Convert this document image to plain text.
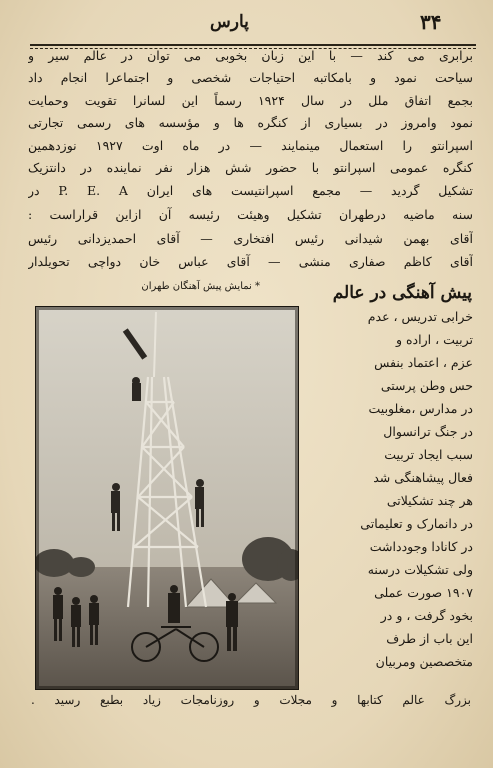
۳۴
پارس
برابری می کند — با این زبان بخوبی می توان در عالم سیر و
سیاحت نمود و بامکاتبه احتیاجات شخصی و اجتماعرا انجام داد
بجمع اتفاق ملل در سال ۱۹۲۴ رسماً این لسانرا تقویت وحمایت
نمود وامروز در بسیاری از کنگره ها و مؤسسه های رسمی تجارتی
اسپرانتو را استعمال مینمایند — در ماه اوت ۱۹۲۷ نوزدهمین
کنگره عمومی اسپرانتو با حضور شش هزار نفر نماینده در دانتزیک
تشکیل گردید — مجمع اسپرانتیست های ایران P. E. A در
سنه ماضیه درطهران تشکیل وهیئت رئیسه آن ازاین قراراست :
آقای بهمن شیدانی رئیس افتخاری — آقای احمدیزدانی رئیس
آقای کاظم صفاری منشی — آقای عباس خان دواچی تحویلدار
پیش آهنگی در عالم
* نمایش پیش آهنگان طهران
خرابی تدریس ، عدم
تربیت ، اراده و
عزم ، اعتماد بنفس
حس وطن پرستی
در مدارس ،مغلوبیت
در جنگ ترانسوال
سبب ایجاد تربیت
فعال پیشاهنگی شد
هر چند تشکیلاتی
در دانمارک و تعلیماتی
در کانادا وجودداشت
ولی تشکیلات درسنه
۱۹۰۷ صورت عملی
بخود گرفت ، و در
این باب از طرف
متخصصین ومربیان
بزرگ عالم کتابها و مجلات و روزنامجات زیاد بطبع رسید .
